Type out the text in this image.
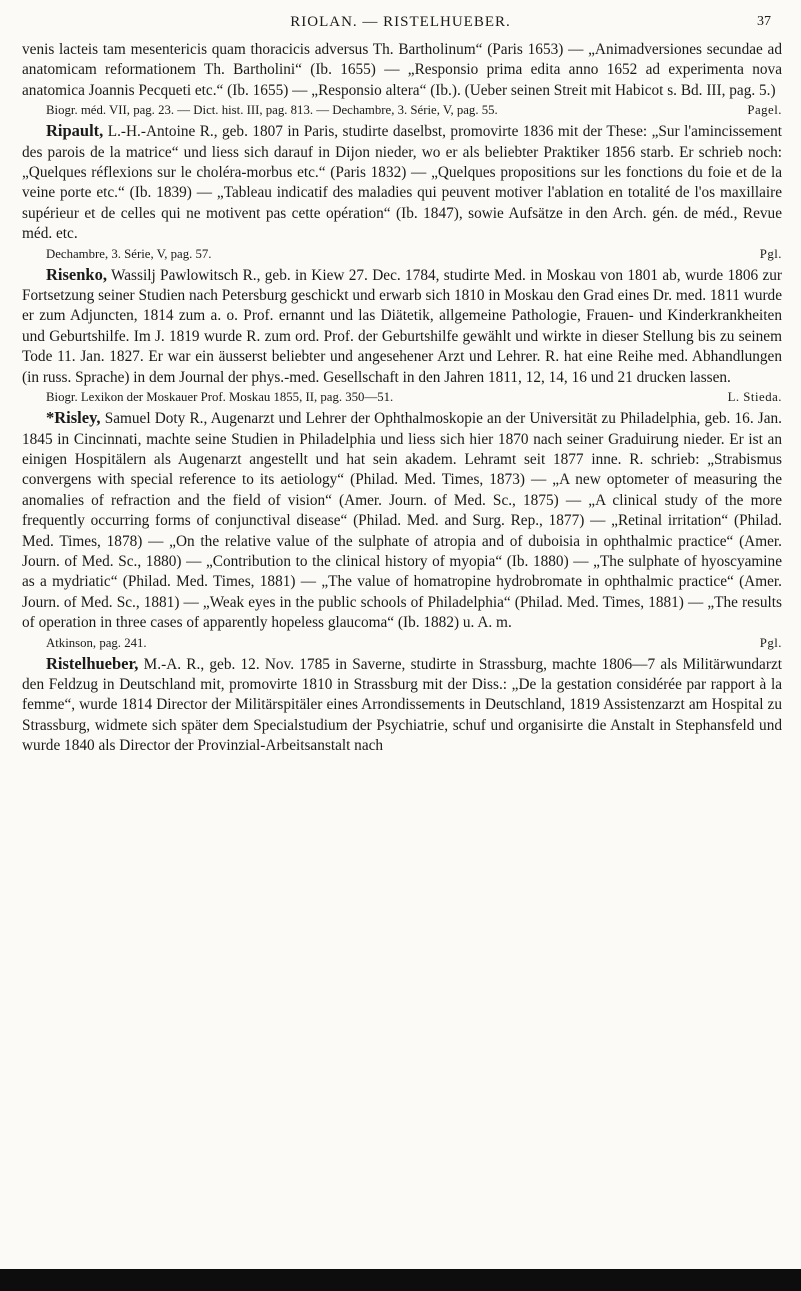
RIOLAN. — RISTELHUEBER.	37

venis lacteis tam mesentericis quam thoracicis adversus Th. Bartholinum“ (Paris 1653) — „Animadversiones secundae ad anatomicam reformationem Th. Bartholini“ (Ib. 1655) — „Responsio prima edita anno 1652 ad experimenta nova anatomica Joannis Pecqueti etc.“ (Ib. 1655) — „Responsio altera“ (Ib.). (Ueber seinen Streit mit Habicot s. Bd. III, pag. 5.)

Biogr. méd. VII, pag. 23. — Dict. hist. III, pag. 813. — Dechambre, 3. Série, V, pag. 55.	Pagel.

Ripault, L.-H.-Antoine R., geb. 1807 in Paris, studirte daselbst, promovirte 1836 mit der These: „Sur l'amincissement des parois de la matrice“ und liess sich darauf in Dijon nieder, wo er als beliebter Praktiker 1856 starb. Er schrieb noch: „Quelques réflexions sur le choléra-morbus etc.“ (Paris 1832) — „Quelques propositions sur les fonctions du foie et de la veine porte etc.“ (Ib. 1839) — „Tableau indicatif des maladies qui peuvent motiver l'ablation en totalité de l'os maxillaire supérieur et de celles qui ne motivent pas cette opération“ (Ib. 1847), sowie Aufsätze in den Arch. gén. de méd., Revue méd. etc.

Dechambre, 3. Série, V, pag. 57.	Pgl.

Risenko, Wassilj Pawlowitsch R., geb. in Kiew 27. Dec. 1784, studirte Med. in Moskau von 1801 ab, wurde 1806 zur Fortsetzung seiner Studien nach Petersburg geschickt und erwarb sich 1810 in Moskau den Grad eines Dr. med. 1811 wurde er zum Adjuncten, 1814 zum a. o. Prof. ernannt und las Diätetik, allgemeine Pathologie, Frauen- und Kinderkrankheiten und Geburtshilfe. Im J. 1819 wurde R. zum ord. Prof. der Geburtshilfe gewählt und wirkte in dieser Stellung bis zu seinem Tode 11. Jan. 1827. Er war ein äusserst beliebter und angesehener Arzt und Lehrer. R. hat eine Reihe med. Abhandlungen (in russ. Sprache) in dem Journal der phys.-med. Gesellschaft in den Jahren 1811, 12, 14, 16 und 21 drucken lassen.

Biogr. Lexikon der Moskauer Prof. Moskau 1855, II, pag. 350—51.	L. Stieda.

*Risley, Samuel Doty R., Augenarzt und Lehrer der Ophthalmoskopie an der Universität zu Philadelphia, geb. 16. Jan. 1845 in Cincinnati, machte seine Studien in Philadelphia und liess sich hier 1870 nach seiner Graduirung nieder. Er ist an einigen Hospitälern als Augenarzt angestellt und hat sein akadem. Lehramt seit 1877 inne. R. schrieb: „Strabismus convergens with special reference to its aetiology“ (Philad. Med. Times, 1873) — „A new optometer of measuring the anomalies of refraction and the field of vision“ (Amer. Journ. of Med. Sc., 1875) — „A clinical study of the more frequently occurring forms of conjunctival disease“ (Philad. Med. and Surg. Rep., 1877) — „Retinal irritation“ (Philad. Med. Times, 1878) — „On the relative value of the sulphate of atropia and of duboisia in ophthalmic practice“ (Amer. Journ. of Med. Sc., 1880) — „Contribution to the clinical history of myopia“ (Ib. 1880) — „The sulphate of hyoscyamine as a mydriatic“ (Philad. Med. Times, 1881) — „The value of homatropine hydrobromate in ophthalmic practice“ (Amer. Journ. of Med. Sc., 1881) — „Weak eyes in the public schools of Philadelphia“ (Philad. Med. Times, 1881) — „The results of operation in three cases of apparently hopeless glaucoma“ (Ib. 1882) u. A. m.

Atkinson, pag. 241.	Pgl.

Ristelhueber, M.-A. R., geb. 12. Nov. 1785 in Saverne, studirte in Strassburg, machte 1806—7 als Militärwundarzt den Feldzug in Deutschland mit, promovirte 1810 in Strassburg mit der Diss.: „De la gestation considérée par rapport à la femme“, wurde 1814 Director der Militärspitäler eines Arrondissements in Deutschland, 1819 Assistenzarzt am Hospital zu Strassburg, widmete sich später dem Specialstudium der Psychiatrie, schuf und organisirte die Anstalt in Stephansfeld und wurde 1840 als Director der Provinzial-Arbeitsanstalt nach
